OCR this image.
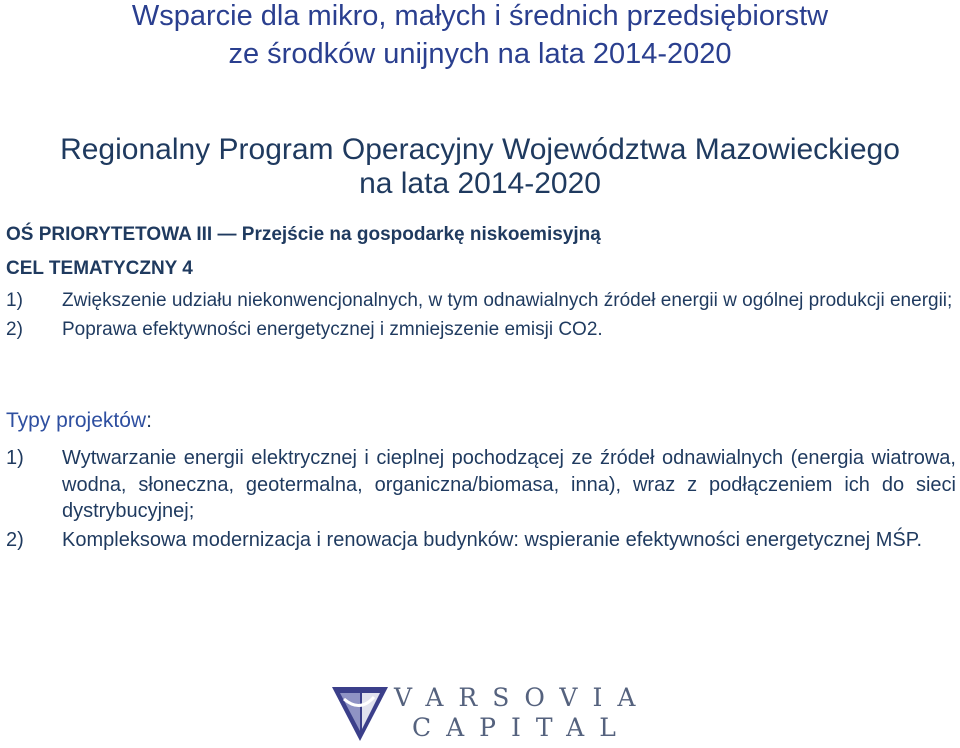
Wsparcie dla mikro, małych i średnich przedsiębiorstw
ze środków unijnych na lata 2014-2020
Regionalny Program Operacyjny Województwa Mazowieckiego
na lata 2014-2020
OŚ PRIORYTETOWA III — Przejście na gospodarkę niskoemisyjną
CEL TEMATYCZNY 4
1)	Zwiększenie udziału niekonwencjonalnych, w tym odnawialnych źródeł energii w ogólnej produkcji energii;
2)	Poprawa efektywności energetycznej i zmniejszenie emisji CO2.
Typy projektów:
1)	Wytwarzanie energii elektrycznej i cieplnej pochodzącej ze źródeł odnawialnych (energia wiatrowa, wodna, słoneczna, geotermalna, organiczna/biomasa, inna), wraz z podłączeniem ich do sieci dystrybucyjnej;
2)	Kompleksowa modernizacja i renowacja budynków: wspieranie efektywności energetycznej MŚP.
VARSOVIA
CAPITAL
